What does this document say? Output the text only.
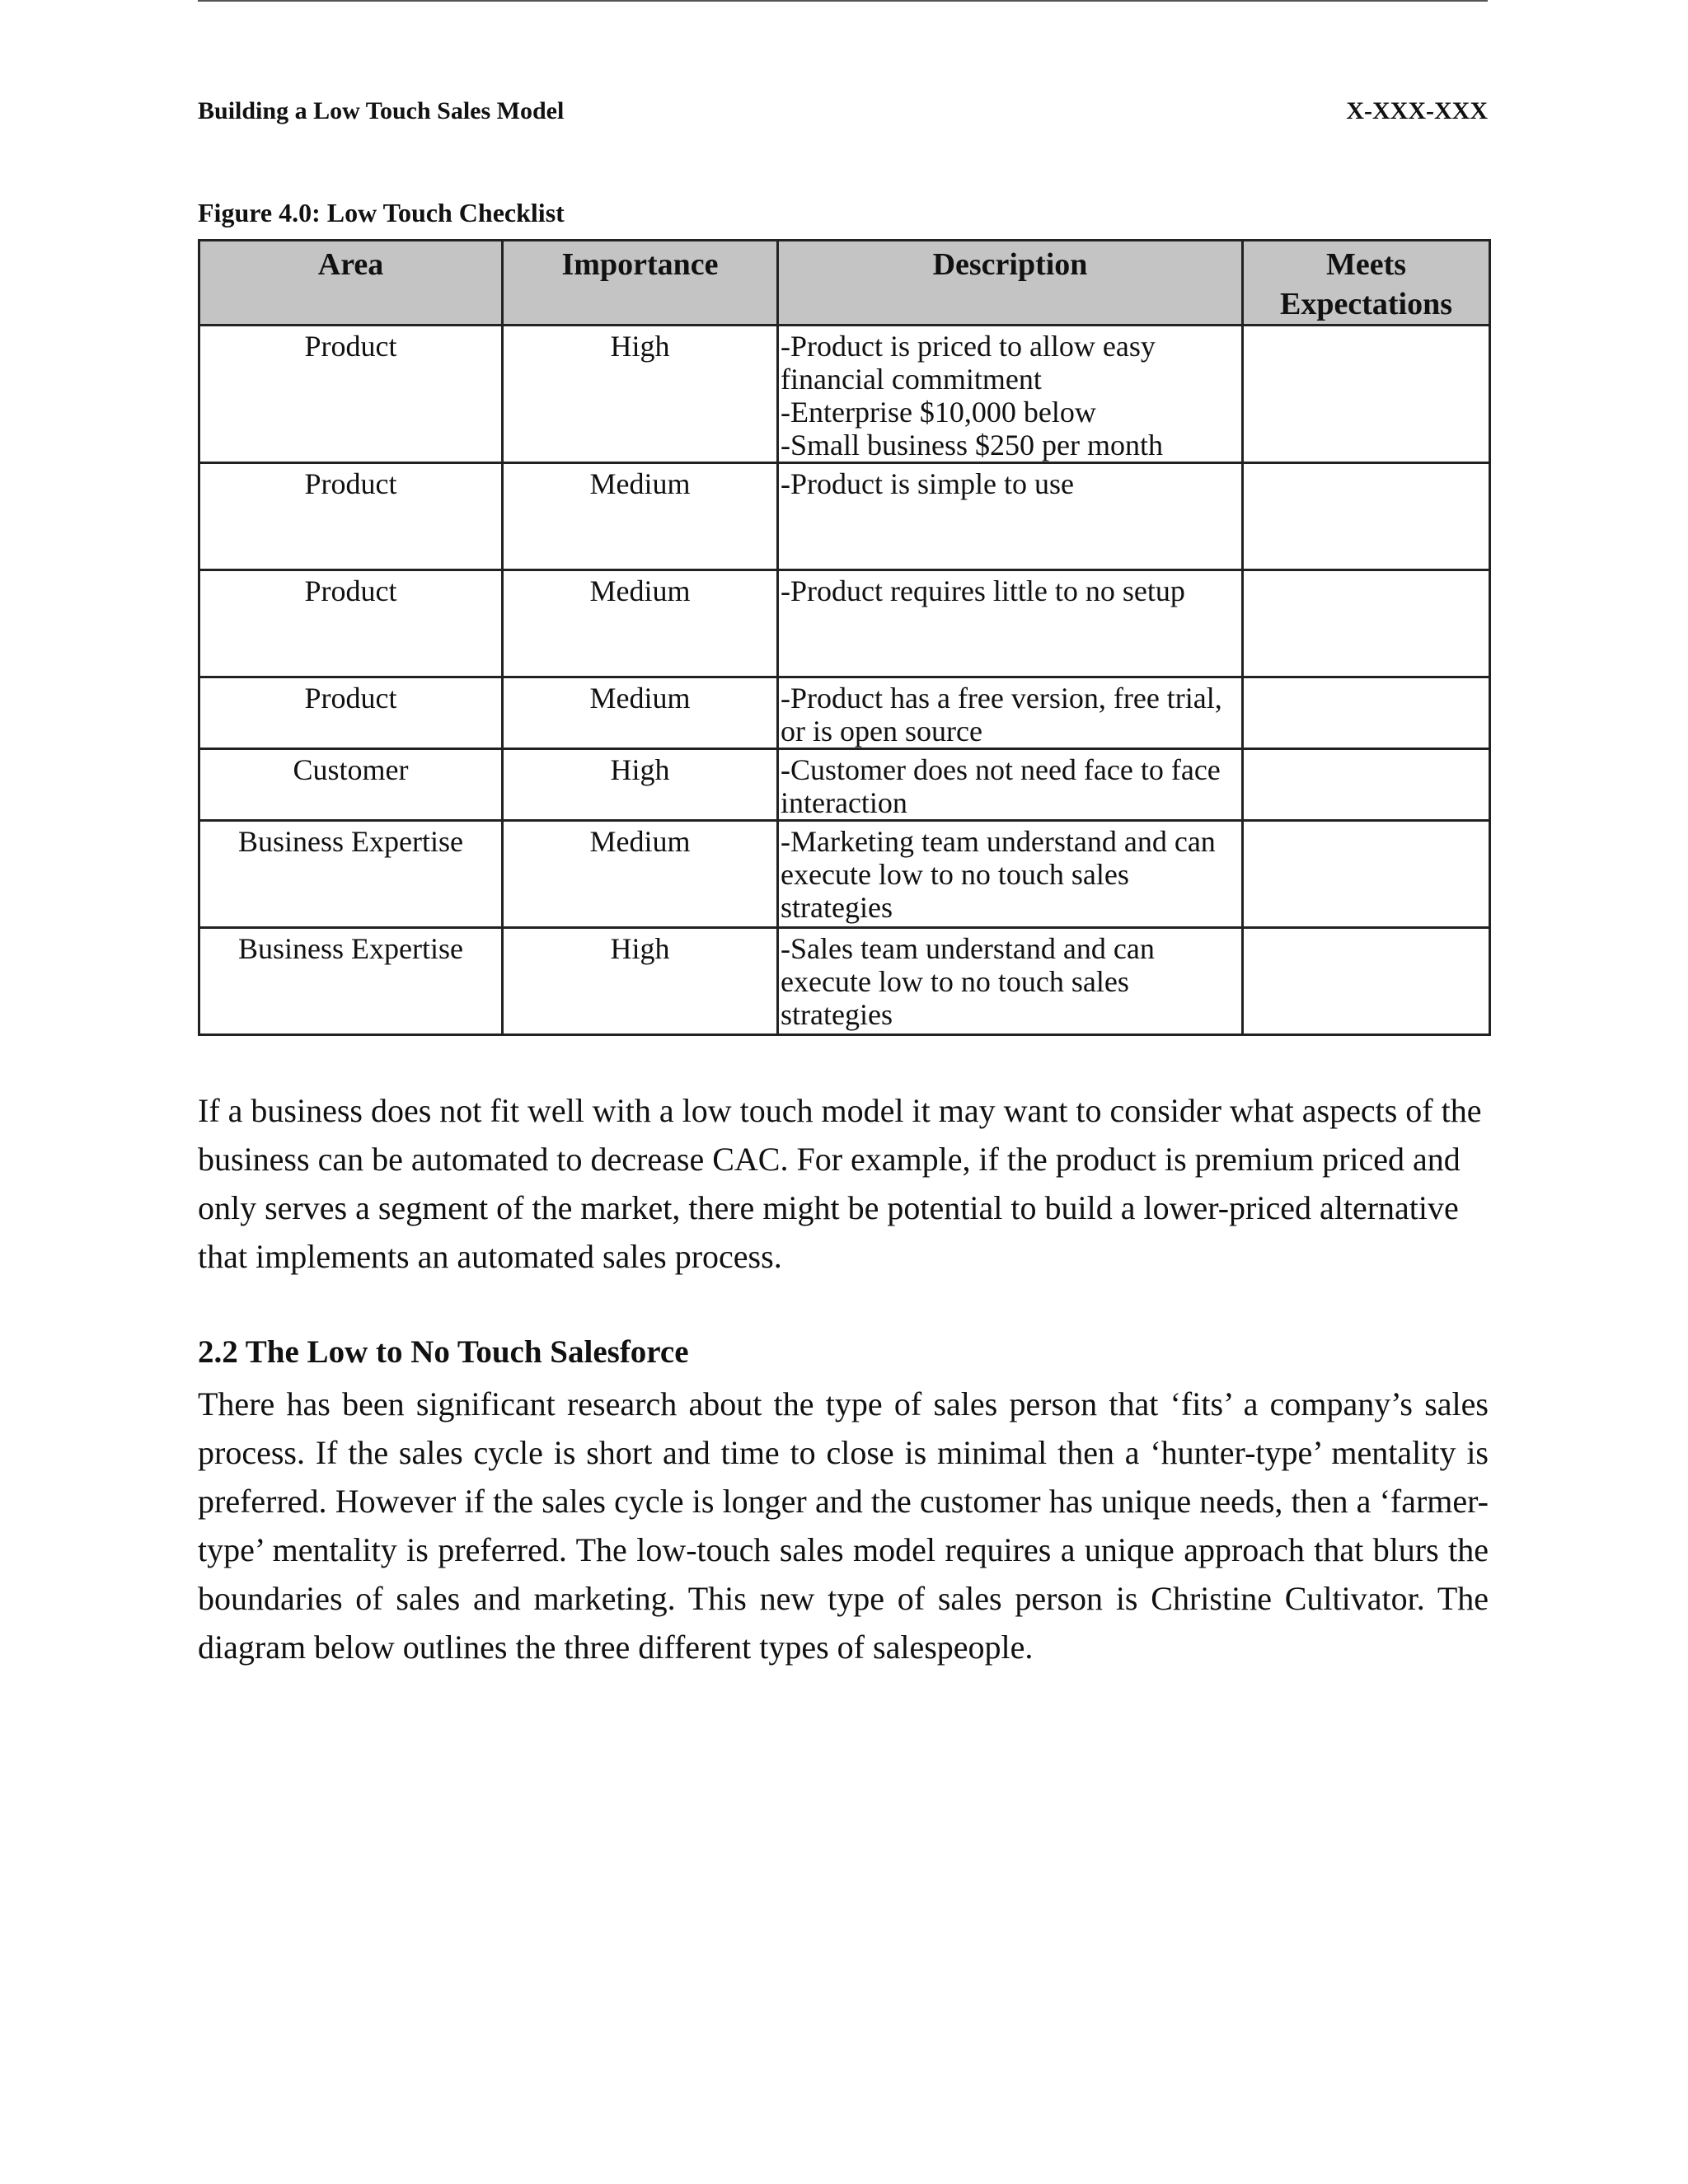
Building a Low Touch Sales Model	X-XXX-XXX
Figure 4.0: Low Touch Checklist
Area	Importance	Description	Meets Expectations
Product	High	-Product is priced to allow easy
financial commitment
-Enterprise $10,000 below
-Small business $250 per month	

Product	Medium	-Product is simple to use	

Product	Medium	-Product requires little to no setup	

Product	Medium	-Product has a free version, free trial,
or is open source	

Customer	High	-Customer does not need face to face
interaction	

Business Expertise	Medium	-Marketing team understand and can
execute low to no touch sales
strategies	

Business Expertise	High	-Sales team understand and can
execute low to no touch sales
strategies	

If a business does not fit well with a low touch model it may want to consider what aspects of the business can be automated to decrease CAC. For example, if the product is premium priced and only serves a segment of the market, there might be potential to build a lower-priced alternative that implements an automated sales process.
2.2 The Low to No Touch Salesforce
There has been significant research about the type of sales person that ‘fits’ a company’s sales process. If the sales cycle is short and time to close is minimal then a ‘hunter-type’ mentality is preferred. However if the sales cycle is longer and the customer has unique needs, then a ‘farmer-type’ mentality is preferred. The low-touch sales model requires a unique approach that blurs the boundaries of sales and marketing. This new type of sales person is Christine Cultivator. The diagram below outlines the three different types of salespeople.
